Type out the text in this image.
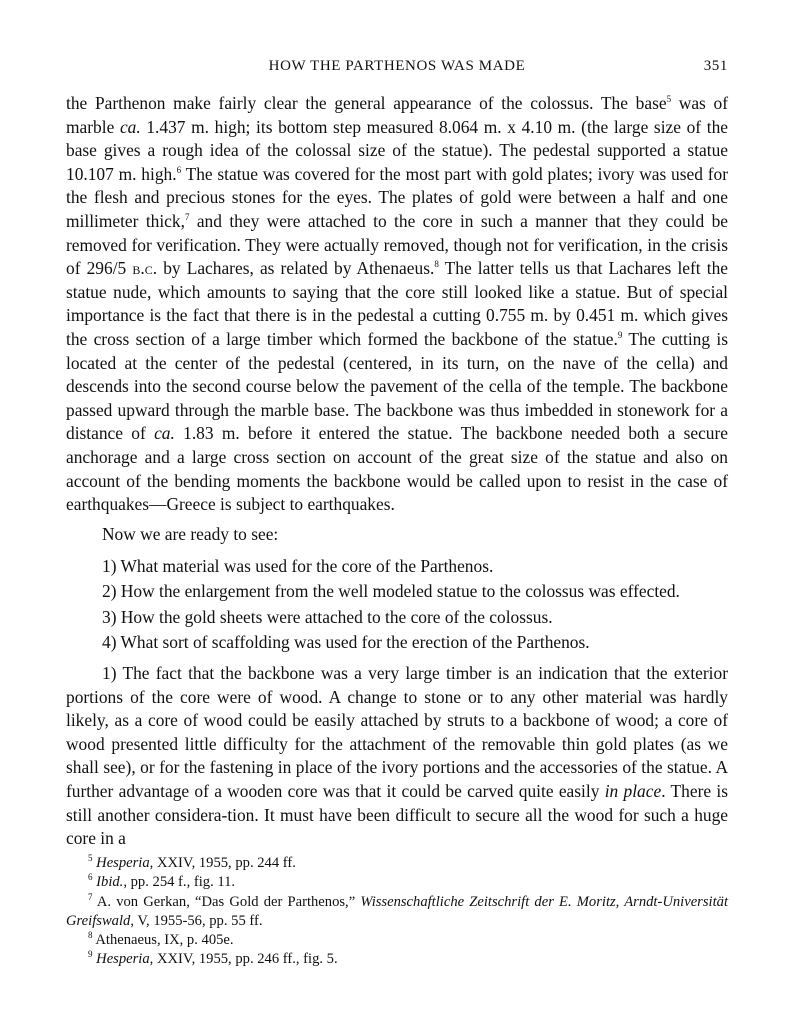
HOW THE PARTHENOS WAS MADE	351

the Parthenon make fairly clear the general appearance of the colossus. The base$^5$ was of marble ca. 1.437 m. high; its bottom step measured 8.064 m. x 4.10 m. (the large size of the base gives a rough idea of the colossal size of the statue). The pedestal supported a statue 10.107 m. high.$^6$ The statue was covered for the most part with gold plates; ivory was used for the flesh and precious stones for the eyes. The plates of gold were between a half and one millimeter thick,$^7$ and they were attached to the core in such a manner that they could be removed for verification. They were actually removed, though not for verification, in the crisis of 296/5 b.c. by Lachares, as related by Athenaeus.$^8$ The latter tells us that Lachares left the statue nude, which amounts to saying that the core still looked like a statue. But of special importance is the fact that there is in the pedestal a cutting 0.755 m. by 0.451 m. which gives the cross section of a large timber which formed the backbone of the statue.$^9$ The cutting is located at the center of the pedestal (centered, in its turn, on the nave of the cella) and descends into the second course below the pavement of the cella of the temple. The backbone passed upward through the marble base. The backbone was thus imbedded in stonework for a distance of ca. 1.83 m. before it entered the statue. The backbone needed both a secure anchorage and a large cross section on account of the great size of the statue and also on account of the bending moments the backbone would be called upon to resist in the case of earthquakes—Greece is subject to earthquakes.

Now we are ready to see:

1) What material was used for the core of the Parthenos.
2) How the enlargement from the well modeled statue to the colossus was effected.
3) How the gold sheets were attached to the core of the colossus.
4) What sort of scaffolding was used for the erection of the Parthenos.

1) The fact that the backbone was a very large timber is an indication that the exterior portions of the core were of wood. A change to stone or to any other material was hardly likely, as a core of wood could be easily attached by struts to a backbone of wood; a core of wood presented little difficulty for the attachment of the removable thin gold plates (as we shall see), or for the fastening in place of the ivory portions and the accessories of the statue. A further advantage of a wooden core was that it could be carved quite easily in place. There is still another considera-tion. It must have been difficult to secure all the wood for such a huge core in a

$^5$ Hesperia, XXIV, 1955, pp. 244 ff.

$^6$ Ibid., pp. 254 f., fig. 11.

$^7$ A. von Gerkan, “Das Gold der Parthenos,” Wissenschaftliche Zeitschrift der E. Moritz, Arndt-Universität Greifswald, V, 1955-56, pp. 55 ff.

$^8$ Athenaeus, IX, p. 405e.

$^9$ Hesperia, XXIV, 1955, pp. 246 ff., fig. 5.
